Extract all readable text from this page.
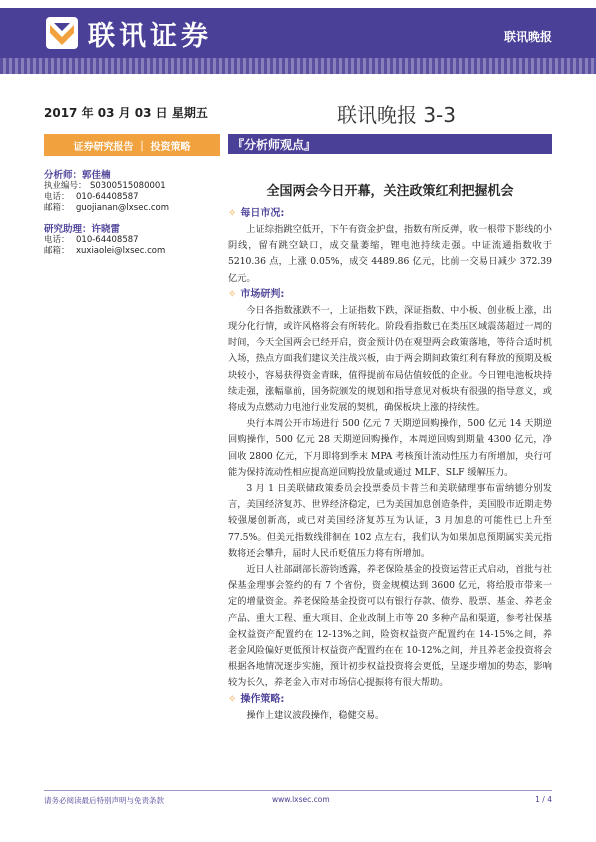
联讯证券	联讯晚报
2017 年 03 月 03 日 星期五	联讯晚报 3-3
证券研究报告 ｜ 投资策略
分析师：郭佳楠
执业编号： S0300515080001
电话： 010-64408587
邮箱： guojianan@lxsec.com
研究助理：许晓雷
电话： 010-64408587
邮箱： xuxiaolei@lxsec.com
『分析师观点』
全国两会今日开幕，关注政策红利把握机会
✧ 每日市况:
上证综指跳空低开，下午有资金护盘，指数有所反弹，收一根带下影线的小阴线，留有跳空缺口，成交量萎缩，锂电池持续走强。中证流通指数收于 5210.36 点，上涨 0.05%，成交 4489.86 亿元，比前一交易日减少 372.39 亿元。
✧ 市场研判:
今日各指数涨跌不一，上证指数下跌，深证指数、中小板、创业板上涨，出现分化行情，或许风格将会有所转化。阶段看指数已在类压区域震荡超过一周的时间，今天全国两会已经开启，资金预计仍在观望两会政策落地，等待合适时机入场，热点方面我们建议关注战兴板，由于两会期间政策红利有释放的预期及板块较小，容易获得资金青睐，值得提前布局估值较低的企业。今日锂电池板块持续走强，涨幅靠前，国务院颁发的规划和指导意见对板块有很强的指导意义，或将成为点燃动力电池行业发展的契机，确保板块上涨的持续性。
央行本周公开市场进行 500 亿元 7 天期逆回购操作，500 亿元 14 天期逆回购操作，500 亿元 28 天期逆回购操作，本周逆回购到期量 4300 亿元，净回收 2800 亿元，下月即将到季末 MPA 考核预计流动性压力有所增加，央行可能为保持流动性相应提高逆回购投放量或通过 MLF、SLF 缓解压力。
3 月 1 日美联储政策委员会投票委员卡普兰和美联储理事布雷纳德分别发言，美国经济复苏、世界经济稳定，已为美国加息创造条件，美国股市近期走势较强屡创新高，或已对美国经济复苏互为认证，3 月加息的可能性已上升至 77.5%。但美元指数线徘徊在 102 点左右，我们认为如果加息预期属实美元指数将还会攀升，届时人民币贬值压力将有所增加。
近日人社部副部长游钧透露，养老保险基金的投资运营正式启动，首批与社保基金理事会签约的有 7 个省份，资金规模达到 3600 亿元，将给股市带来一定的增量资金。养老保险基金投资可以有银行存款、债券、股票、基金、养老金产品、重大工程、重大项目、企业改制上市等 20 多种产品和渠道，参考社保基金权益资产配置约在 12-13%之间，险资权益资产配置约在 14-15%之间，养老金风险偏好更低预计权益资产配置约在在 10-12%之间，并且养老金投资将会根据各地情况逐步实施，预计初步权益投资将会更低，呈逐步增加的势态，影响较为长久，养老金入市对市场信心提振将有很大帮助。
✧ 操作策略:
操作上建议波段操作，稳健交易。
请务必阅读最后特别声明与免责条款	www.lxsec.com	1 / 4
